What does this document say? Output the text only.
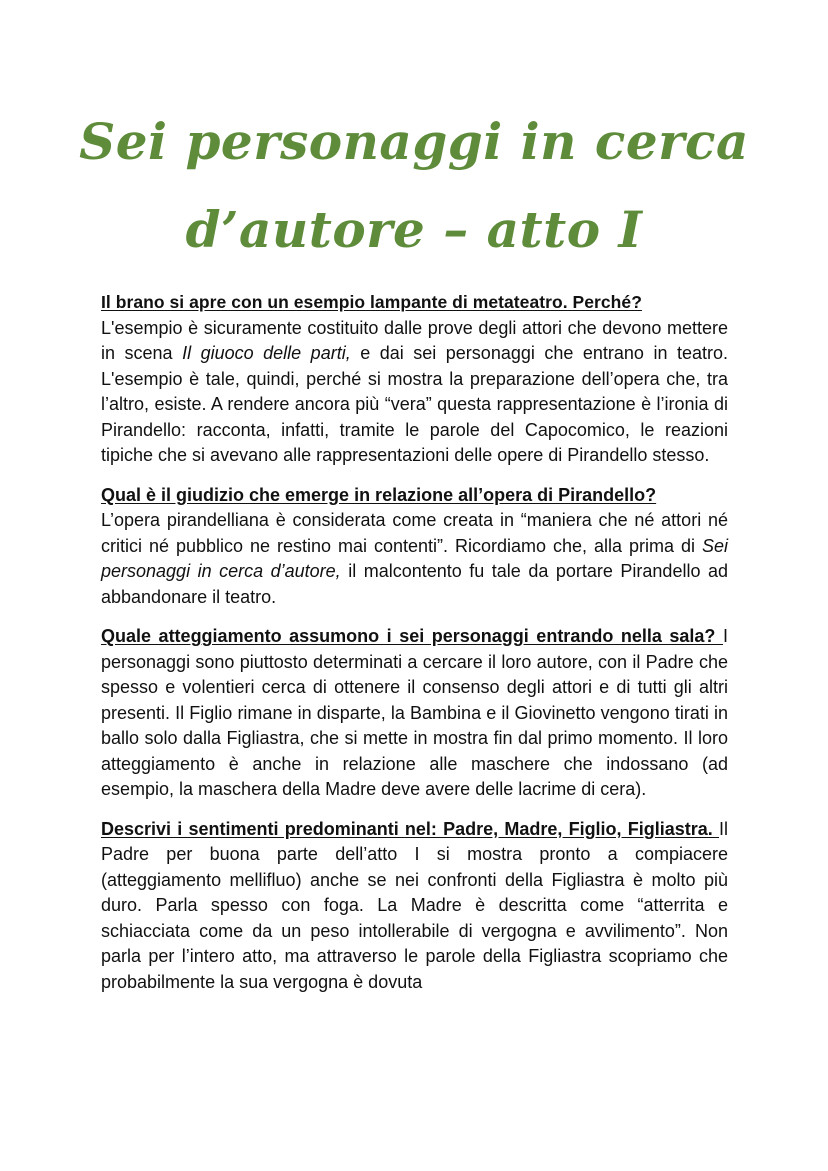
Sei personaggi in cerca d’autore – atto I

Il brano si apre con un esempio lampante di metateatro. Perché?
L'esempio è sicuramente costituito dalle prove degli attori che devono mettere in scena Il giuoco delle parti, e dai sei personaggi che entrano in teatro. L'esempio è tale, quindi, perché si mostra la preparazione dell’opera che, tra l’altro, esiste. A rendere ancora più “vera” questa rappresentazione è l’ironia di Pirandello: racconta, infatti, tramite le parole del Capocomico, le reazioni tipiche che si avevano alle rappresentazioni delle opere di Pirandello stesso.

Qual è il giudizio che emerge in relazione all’opera di Pirandello?
L’opera pirandelliana è considerata come creata in “maniera che né attori né critici né pubblico ne restino mai contenti”. Ricordiamo che, alla prima di Sei personaggi in cerca d’autore, il malcontento fu tale da portare Pirandello ad abbandonare il teatro.

Quale atteggiamento assumono i sei personaggi entrando nella sala? I personaggi sono piuttosto determinati a cercare il loro autore, con il Padre che spesso e volentieri cerca di ottenere il consenso degli attori e di tutti gli altri presenti. Il Figlio rimane in disparte, la Bambina e il Giovinetto vengono tirati in ballo solo dalla Figliastra, che si mette in mostra fin dal primo momento. Il loro atteggiamento è anche in relazione alle maschere che indossano (ad esempio, la maschera della Madre deve avere delle lacrime di cera).

Descrivi i sentimenti predominanti nel: Padre, Madre, Figlio, Figliastra. Il Padre per buona parte dell’atto I si mostra pronto a compiacere (atteggiamento mellifluo) anche se nei confronti della Figliastra è molto più duro. Parla spesso con foga. La Madre è descritta come “atterrita e schiacciata come da un peso intollerabile di vergogna e avvilimento”. Non parla per l’intero atto, ma attraverso le parole della Figliastra scopriamo che probabilmente la sua vergogna è dovuta
